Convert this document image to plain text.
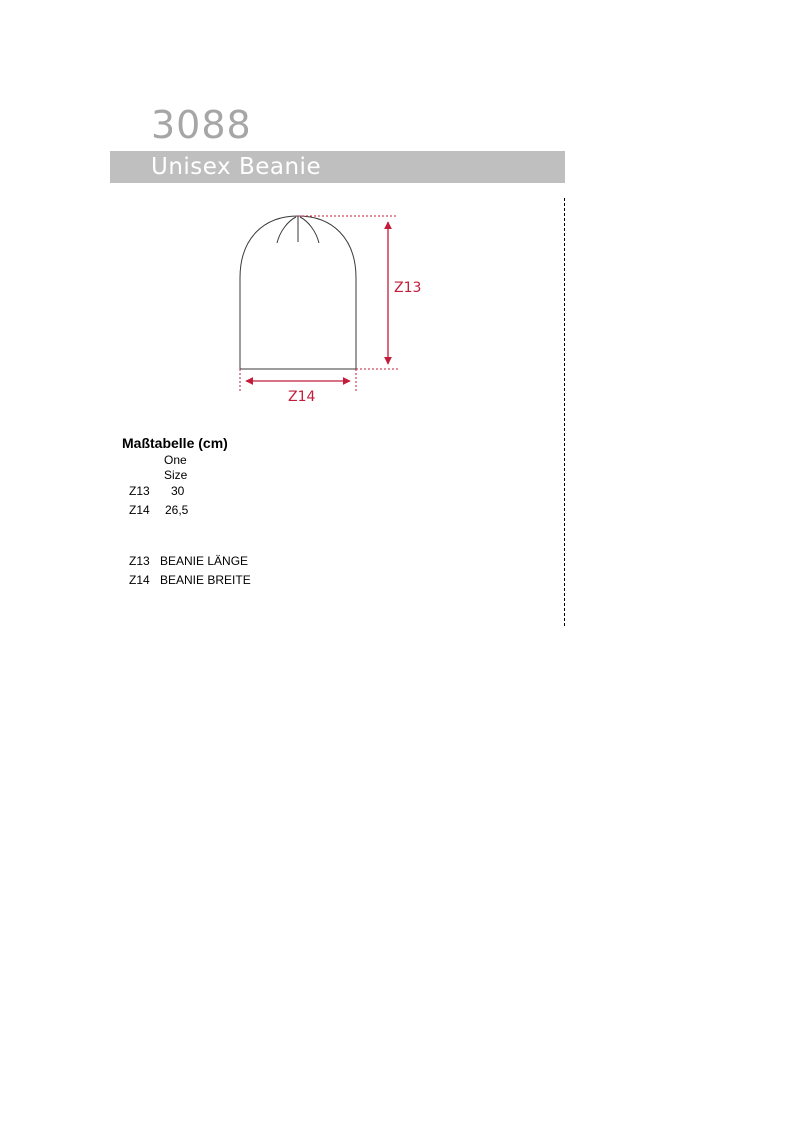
3088
Unisex Beanie
Z13
Z14
Maßtabelle (cm)
One
Size
Z13 30
Z14 26,5
Z13 BEANIE LÄNGE
Z14 BEANIE BREITE
